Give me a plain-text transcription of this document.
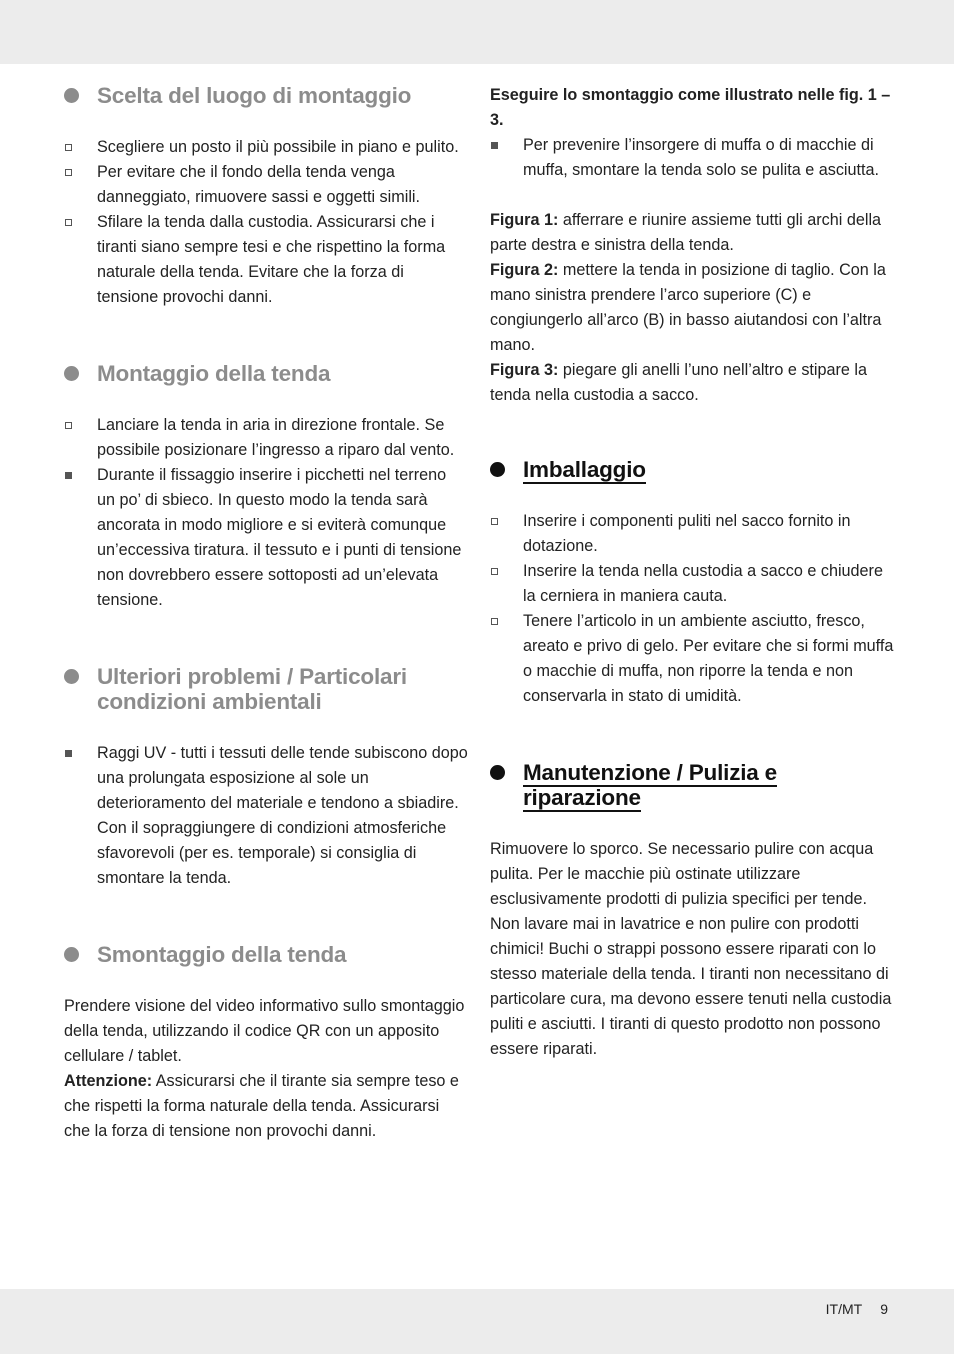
Scelta del luogo di montaggio
Scegliere un posto il più possibile in piano e pulito.
Per evitare che il fondo della tenda venga danneggiato, rimuovere sassi e oggetti simili.
Sfilare la tenda dalla custodia. Assicurarsi che i tiranti siano sempre tesi e che rispettino la forma naturale della tenda. Evitare che la forza di tensione provochi danni.
Montaggio della tenda
Lanciare la tenda in aria in direzione frontale. Se possibile posizionare l’ingresso a riparo dal vento.
Durante il fissaggio inserire i picchetti nel terreno un po’ di sbieco. In questo modo la tenda sarà ancorata in modo migliore e si eviterà comunque un’eccessiva tiratura. il tessuto e i punti di tensione non dovrebbero essere sottoposti ad un’elevata tensione.
Ulteriori problemi / Particolari condizioni ambientali
Raggi UV - tutti i tessuti delle tende subiscono dopo una prolungata esposizione al sole un deterioramento del materiale e tendono a sbiadire. Con il sopraggiungere di condizioni atmosferiche sfavorevoli (per es. temporale) si consiglia di smontare la tenda.
Smontaggio della tenda

Prendere visione del video informativo sullo smontaggio della tenda, utilizzando il codice QR con un apposito cellulare / tablet.

Attenzione: Assicurarsi che il tirante sia sempre teso e che rispetti la forma naturale della tenda. Assicurarsi che la forza di tensione non provochi danni.

Eseguire lo smontaggio come illustrato nelle fig. 1 – 3.

Per prevenire l’insorgere di muffa o di macchie di muffa, smontare la tenda solo se pulita e asciutta.

Figura 1: afferrare e riunire assieme tutti gli archi della parte destra e sinistra della tenda.

Figura 2: mettere la tenda in posizione di taglio. Con la mano sinistra prendere l’arco superiore (C) e congiungerlo all’arco (B) in basso aiutandosi con l’altra mano.

Figura 3: piegare gli anelli l’uno nell’altro e stipare la tenda nella custodia a sacco.

Imballaggio
Inserire i componenti puliti nel sacco fornito in dotazione.
Inserire la tenda nella custodia a sacco e chiudere la cerniera in maniera cauta.
Tenere l’articolo in un ambiente asciutto, fresco, areato e privo di gelo. Per evitare che si formi muffa o macchie di muffa, non riporre la tenda e non conservarla in stato di umidità.
Manutenzione / Pulizia e riparazione

Rimuovere lo sporco. Se necessario pulire con acqua pulita. Per le macchie più ostinate utilizzare esclusivamente prodotti di pulizia specifici per tende. Non lavare mai in lavatrice e non pulire con prodotti chimici! Buchi o strappi possono essere riparati con lo stesso materiale della tenda. I tiranti non necessitano di particolare cura, ma devono essere tenuti nella custodia puliti e asciutti. I tiranti di questo prodotto non possono essere riparati.

IT/MT 9
